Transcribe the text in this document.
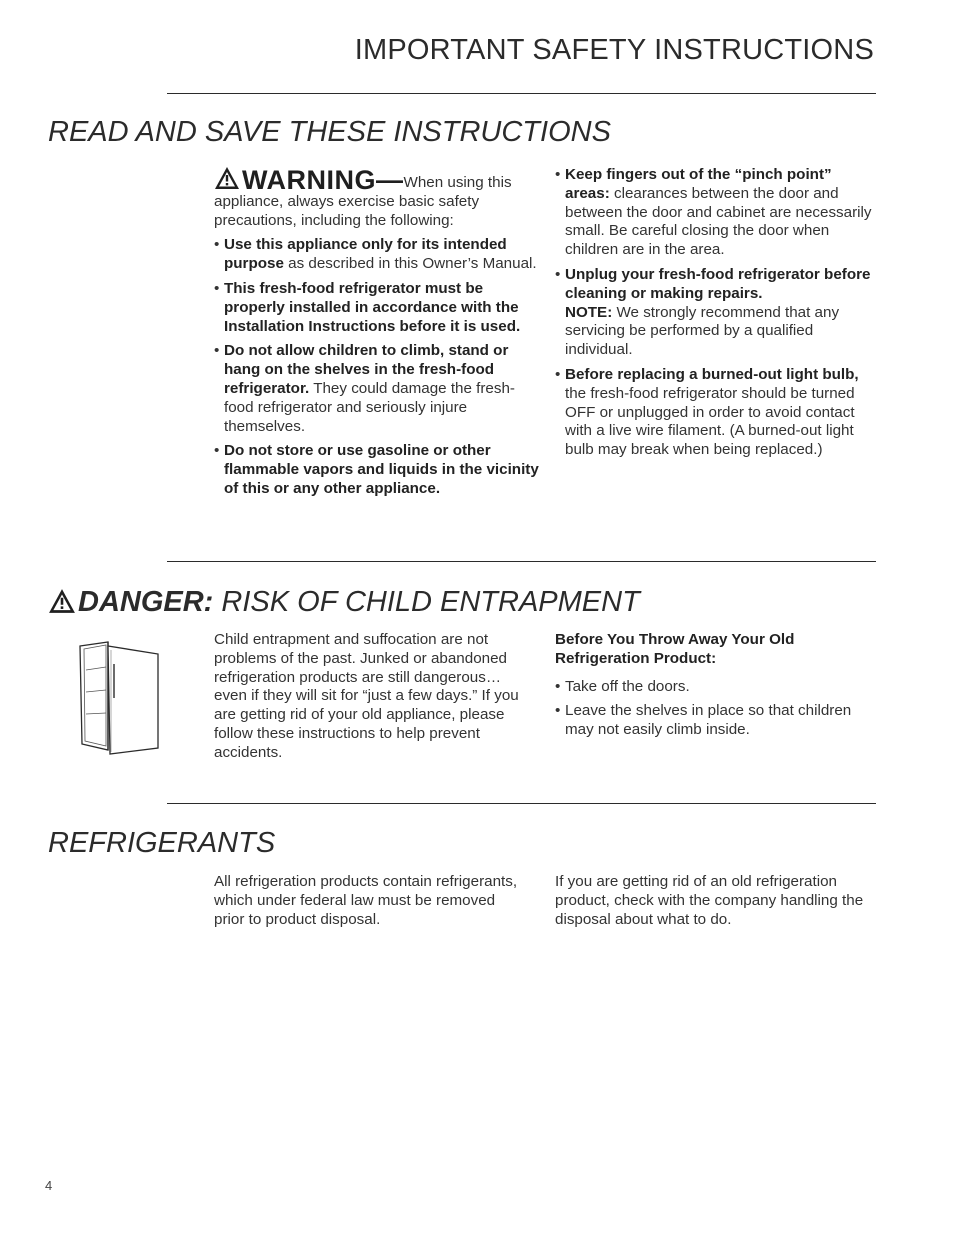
IMPORTANT SAFETY INSTRUCTIONS
READ AND SAVE THESE INSTRUCTIONS

WARNING—When using this appliance, always exercise basic safety precautions, including the following:

• Use this appliance only for its intended purpose as described in this Owner’s Manual.
• This fresh-food refrigerator must be properly installed in accordance with the Installation Instructions before it is used.
• Do not allow children to climb, stand or hang on the shelves in the fresh-food refrigerator. They could damage the fresh-food refrigerator and seriously injure themselves.
• Do not store or use gasoline or other flammable vapors and liquids in the vicinity of this or any other appliance.
• Keep fingers out of the “pinch point” areas: clearances between the door and between the door and cabinet are necessarily small. Be careful closing the door when children are in the area.
• Unplug your fresh-food refrigerator before cleaning or making repairs.
NOTE: We strongly recommend that any servicing be performed by a qualified individual.
• Before replacing a burned-out light bulb, the fresh-food refrigerator should be turned OFF or unplugged in order to avoid contact with a live wire filament. (A burned-out light bulb may break when being replaced.)
DANGER: RISK OF CHILD ENTRAPMENT

Child entrapment and suffocation are not problems of the past. Junked or abandoned refrigeration products are still dangerous…even if they will sit for “just a few days.” If you are getting rid of your old appliance, please follow these instructions to help prevent accidents.

Before You Throw Away Your Old Refrigeration Product:

• Take off the doors.
• Leave the shelves in place so that children may not easily climb inside.
REFRIGERANTS

All refrigeration products contain refrigerants, which under federal law must be removed prior to product disposal.

If you are getting rid of an old refrigeration product, check with the company handling the disposal about what to do.

4
